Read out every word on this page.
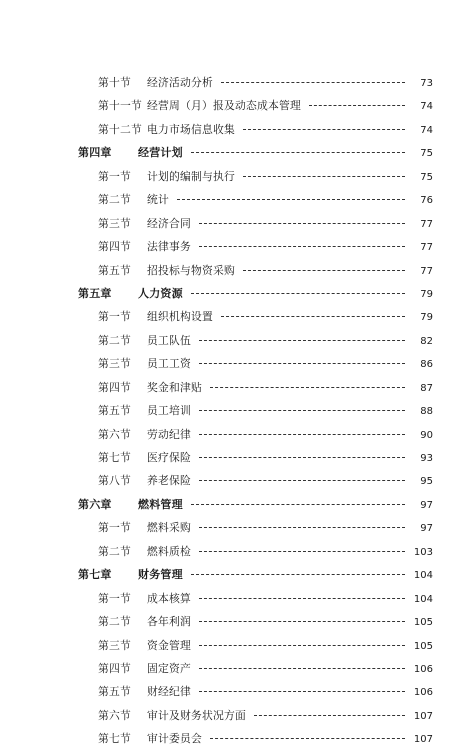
第十节 经济活动分析	73
第十一节 经营周（月）报及动态成本管理	74
第十二节 电力市场信息收集	74
第四章 经营计划	75
第一节 计划的编制与执行	75
第二节 统计	76
第三节 经济合同	77
第四节 法律事务	77
第五节 招投标与物资采购	77
第五章 人力资源	79
第一节 组织机构设置	79
第二节 员工队伍	82
第三节 员工工资	86
第四节 奖金和津贴	87
第五节 员工培训	88
第六节 劳动纪律	90
第七节 医疗保险	93
第八节 养老保险	95
第六章 燃料管理	97
第一节 燃料采购	97
第二节 燃料质检	103
第七章 财务管理	104
第一节 成本核算	104
第二节 各年利润	105
第三节 资金管理	105
第四节 固定资产	106
第五节 财经纪律	106
第六节 审计及财务状况方面	107
第七节 审计委员会	107
